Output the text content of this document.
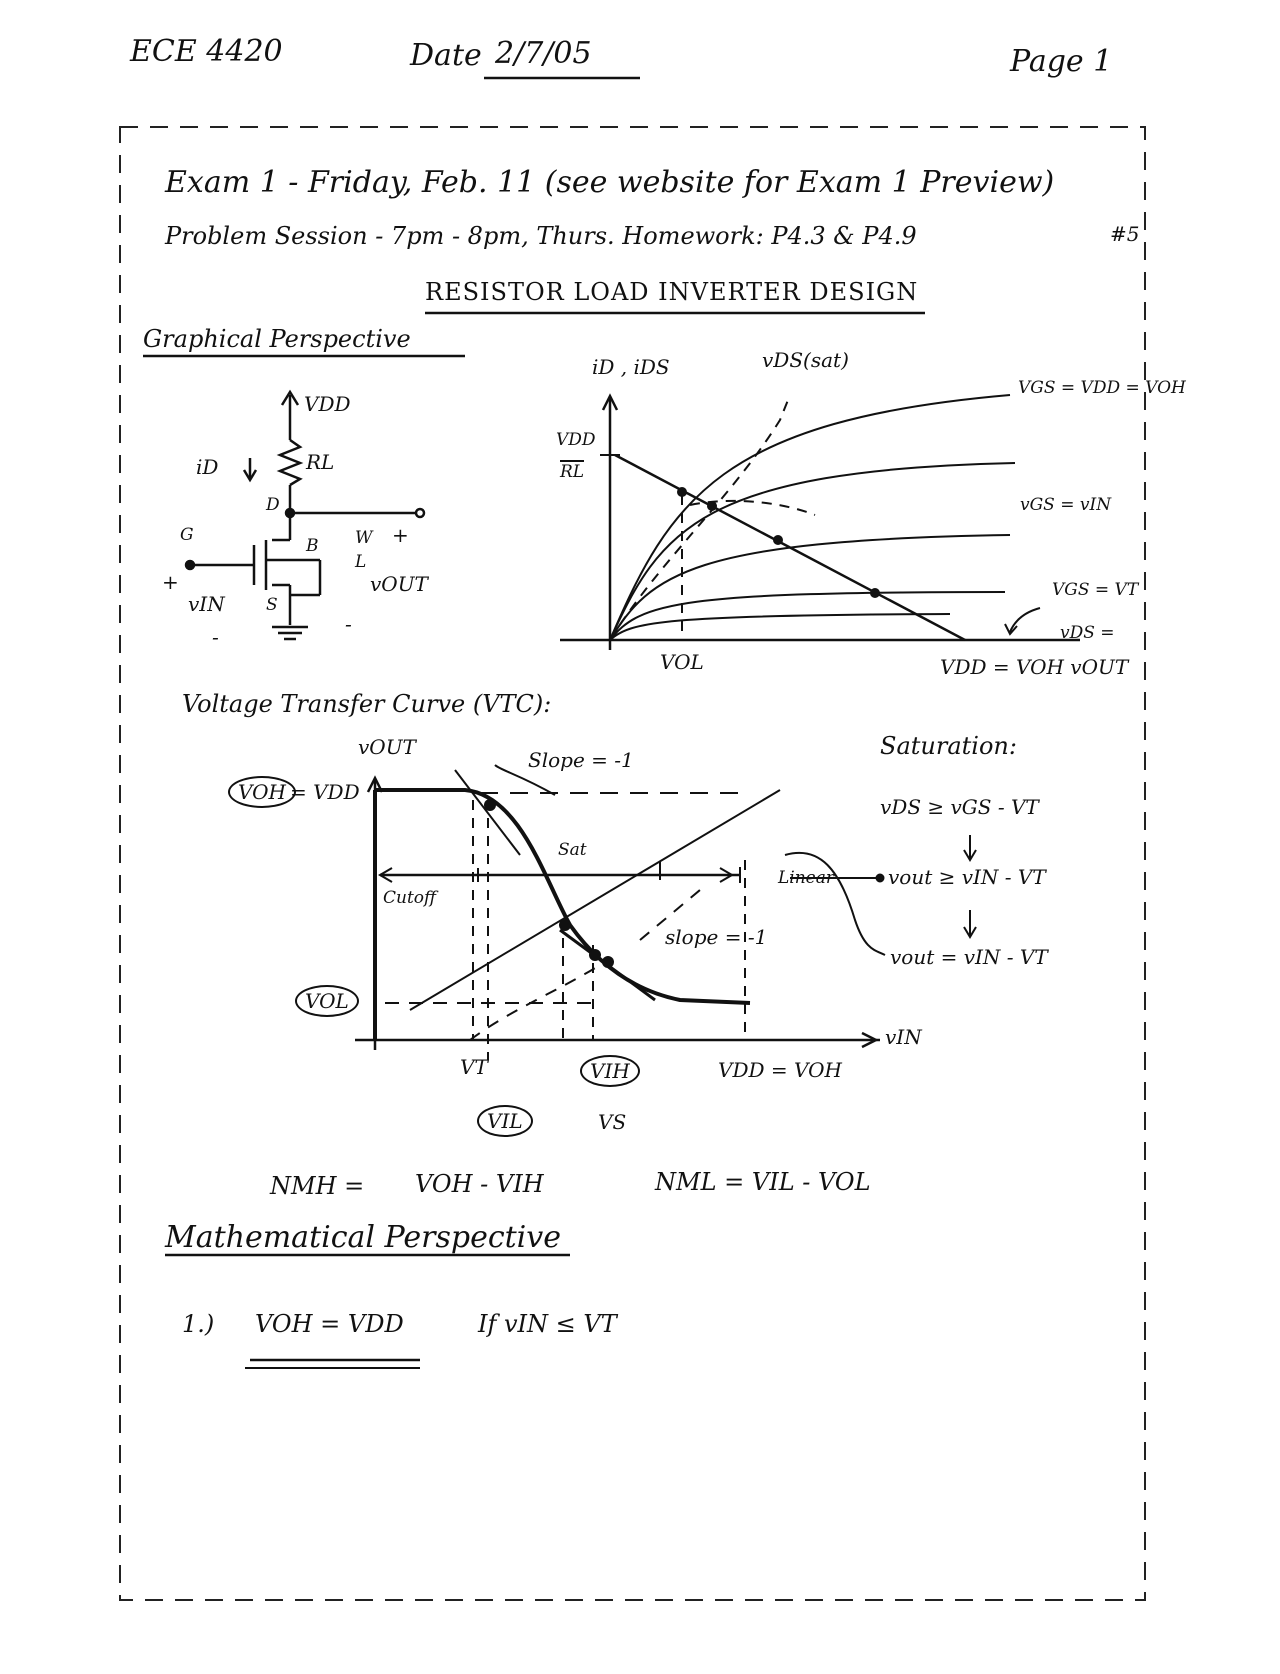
ECE 4420	Date 2/7/05	Page 1
Exam 1 - Friday, Feb. 11 (see website for Exam 1 Preview)
Problem Session - 7pm - 8pm, Thurs. Homework: P4.3 & P4.9	#5
RESISTOR LOAD INVERTER DESIGN
Graphical Perspective
VDD
RL
iD
D
G
B
S
W
L
+
vOUT
+
vIN
-
-
iD , iDS	vDS(sat)
VDD
RL
VGS = VDD = VOH
vGS = vIN
VGS = VT
vDS =
VOL	VDD = VOH vOUT
Voltage Transfer Curve (VTC):
vOUT
VOH = VDD
VOL
vIN
Slope = -1
slope = -1
Sat
Cutoff
Linear
VT
VIL
VIH
VS
VDD = VOH
Saturation:
vDS ≥ vGS - VT
vout ≥ vIN - VT
vout = vIN - VT
NMH = VOH - VIH	NML = VIL - VOL
Mathematical Perspective
1.) VOH = VDD	If vIN ≤ VT
